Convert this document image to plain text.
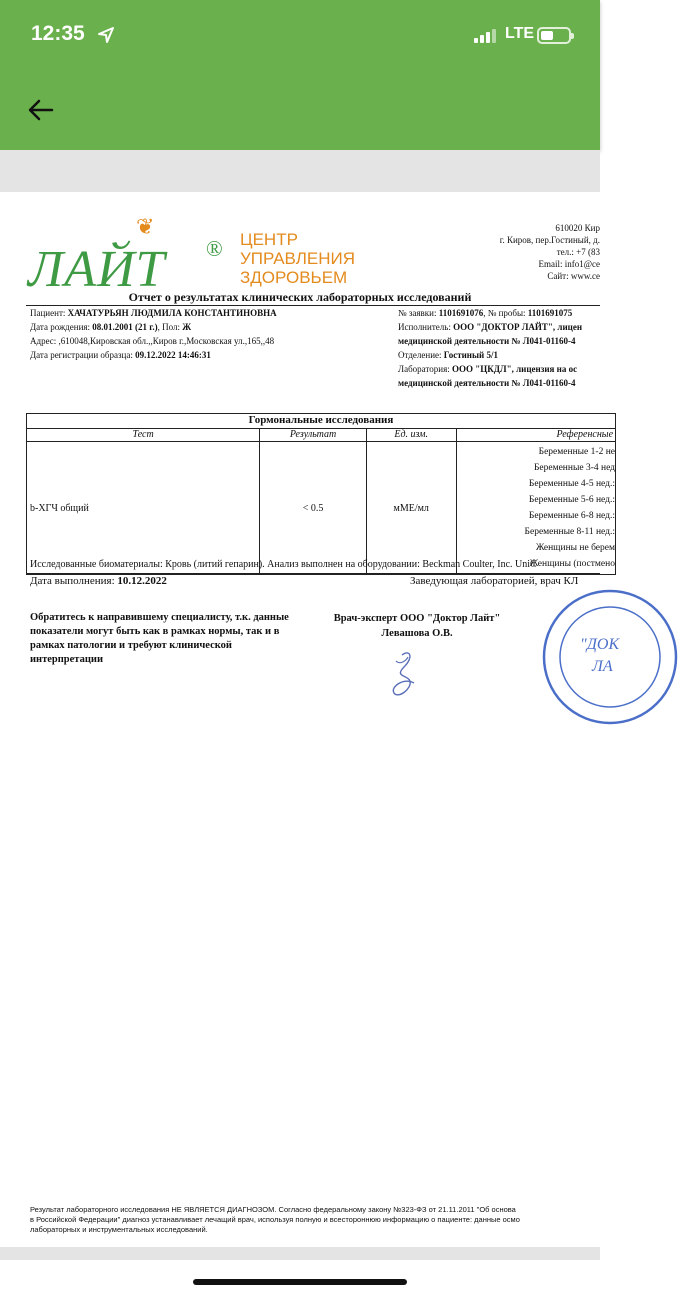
12:35	LTE
❦
ЛАЙТ ® ЦЕНТР
УПРАВЛЕНИЯ
ЗДОРОВЬЕМ
610020 Кир
г. Киров, пер.Гостиный, д.
тел.: +7 (83
Email: info1@ce
Сайт: www.ce
Отчет о результатах клинических лабораторных исследований
Пациент: ХАЧАТУРЬЯН ЛЮДМИЛА КОНСТАНТИНОВНА
Дата рождения: 08.01.2001 (21 г.), Пол: Ж
Адрес: ,610048,Кировская обл.,,Киров г.,Московская ул.,165,,48
Дата регистрации образца: 09.12.2022 14:46:31
№ заявки: 1101691076, № пробы: 1101691075
Исполнитель: ООО "ДОКТОР ЛАЙТ", лицен
медицинской деятельности № Л041-01160-4
Отделение: Гостиный 5/1
Лаборатория: ООО "ЦКДЛ", лицензия на ос
медицинской деятельности № Л041-01160-4
Гормональные исследования
Тест	Результат	Ед. изм.	Референсные
b-ХГЧ общий	< 0.5	мМЕ/мл
Беременные 1-2 не
Беременные 3-4 нед
Беременные 4-5 нед.:
Беременные 5-6 нед.:
Беременные 6-8 нед.:
Беременные 8-11 нед.:
Женщины не берем
Женщины (постмено
Исследованные биоматериалы: Кровь (литий гепарин). Анализ выполнен на оборудовании: Beckman Coulter, Inc. UniC
Дата выполнения: 10.12.2022	Заведующая лабораторией, врач КЛ
Обратитесь к направившему специалисту, т.к. данные показатели могут быть как в рамках нормы, так и в рамках патологии и требуют клинической интерпретации
Врач-эксперт ООО "Доктор Лайт"
Левашова О.В.
"ДОК
ЛА
Результат лабораторного исследования НЕ ЯВЛЯЕТСЯ ДИАГНОЗОМ. Согласно федеральному закону №323-ФЗ от 21.11.2011 "Об основа
в Российской Федерации" диагноз устанавливает лечащий врач, используя полную и всестороннюю информацию о пациенте: данные осмо
лабораторных и инструментальных исследований.
